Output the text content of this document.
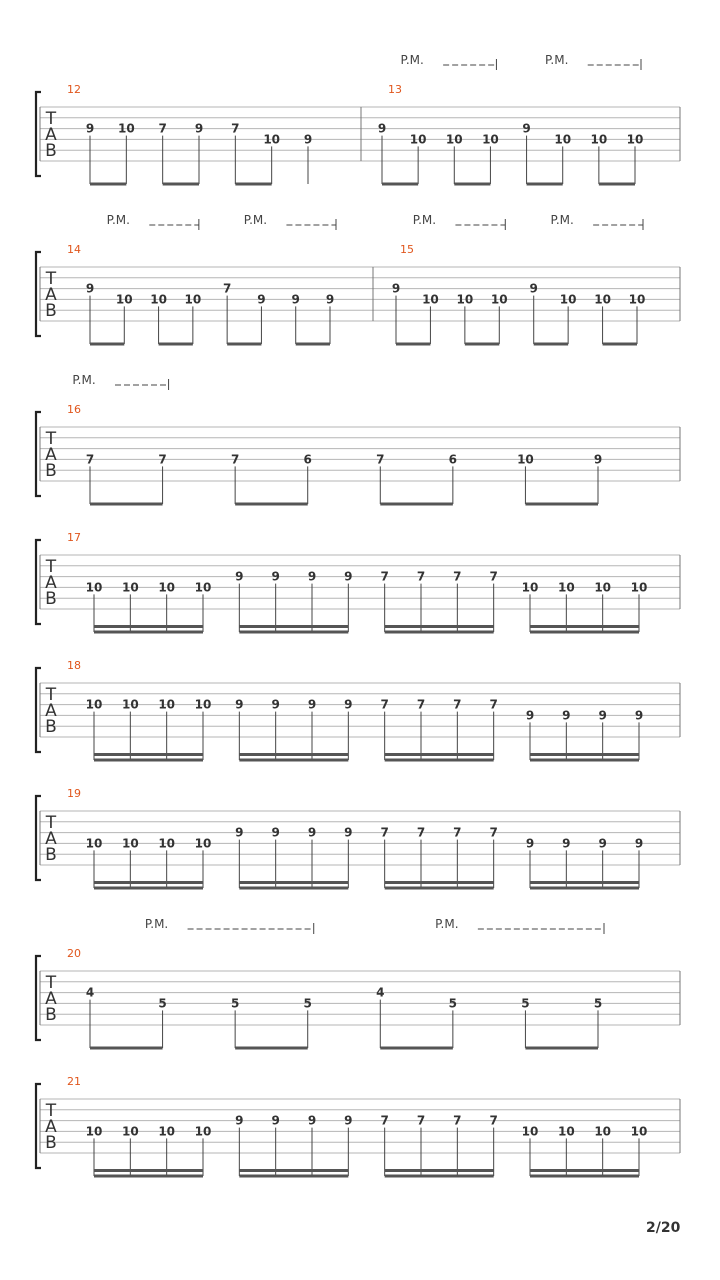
T
A
B
12
9 10 7 9 7
10 9
13
9
10 10 10
9
10 10 10
P.M.	P.M.
T
A
B
14
9
10 10 10
7
9 9 9
P.M.	P.M.
15
9
10 10 10
9
10 10 10
P.M.	P.M.
T
A
B
16
7	7	7	6	7	6	10	9
P.M.
T
A
B
17
10 10 10 10
9 9 9 9 7 7 7 7
10 10 10 10
T
A
B
18
10 10 10 10 9 9 9 9 7 7 7 7
9 9 9 9
T
A
B
19
10 10 10 10
9 9 9 9 7 7 7 7
9 9 9 9
T
A
B
20
4
5	5	5
4
5	5	5
P.M.	P.M.
T
A
B
21
10 10 10 10
9 9 9 9 7 7 7 7
10 10 10 10
2/20
